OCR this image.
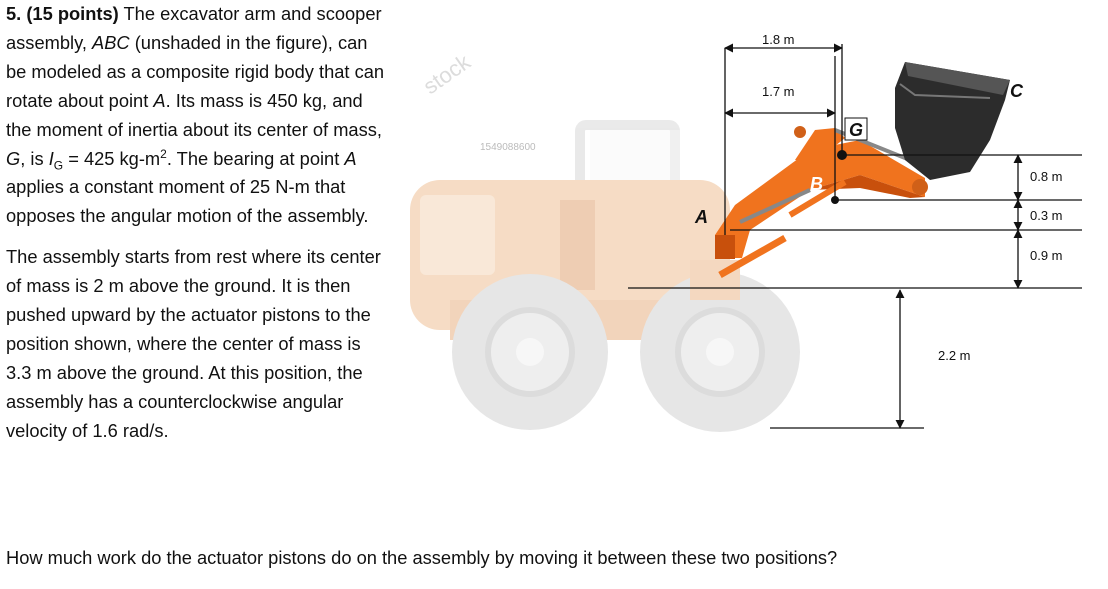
5. (15 points) The excavator arm and scooper assembly, ABC (unshaded in the figure), can be modeled as a composite rigid body that can rotate about point A. Its mass is 450 kg, and the moment of inertia about its center of mass, G, is $I_G = 425$ $kg-m^2$. The bearing at point A applies a constant moment of 25 N-m that opposes the angular motion of the assembly.

The assembly starts from rest where its center of mass is 2 m above the ground. It is then pushed upward by the actuator pistons to the position shown, where the center of mass is 3.3 m above the ground. At this position, the assembly has a counterclockwise angular velocity of 1.6 rad/s.

How much work do the actuator pistons do on the assembly by moving it between these two positions?
1549088600
stock
1.8 m
1.7 m
0.8 m
0.3 m
0.9 m
2.2 m
A
B
G
C
